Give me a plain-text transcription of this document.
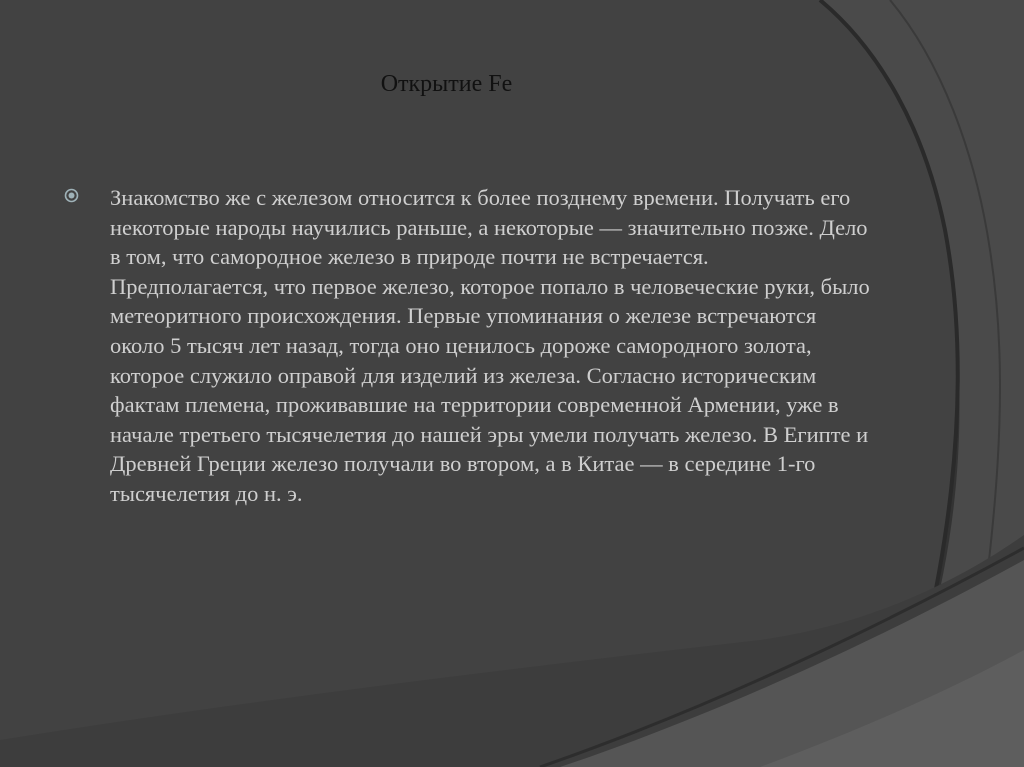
Открытие Fe

Знакомство же с железом относится к более позднему времени. Получать его некоторые народы научились раньше, а некоторые — значительно позже. Дело в том, что самородное железо в природе почти не встречается. Предполагается, что первое железо, которое попало в человеческие руки, было метеоритного происхождения. Первые упоминания о железе встречаются около 5 тысяч лет назад, тогда оно ценилось дороже самородного золота, которое служило оправой для изделий из железа. Согласно историческим фактам племена, проживавшие на территории современной Армении, уже в начале третьего тысячелетия до нашей эры умели получать железо. В Египте и Древней Греции железо получали во втором, а в Китае — в середине 1-го тысячелетия до н. э.
